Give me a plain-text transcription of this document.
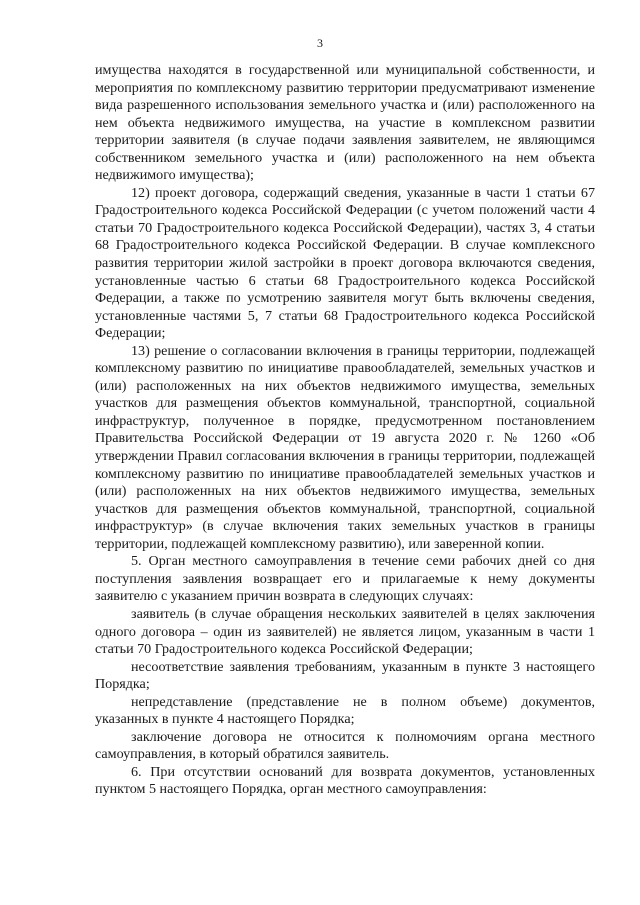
3

имущества находятся в государственной или муниципальной собственности, и мероприятия по комплексному развитию территории предусматривают изменение вида разрешенного использования земельного участка и (или) расположенного на нем объекта недвижимого имущества, на участие в комплексном развитии территории заявителя (в случае подачи заявления заявителем, не являющимся собственником земельного участка и (или) расположенного на нем объекта недвижимого имущества);

12) проект договора, содержащий сведения, указанные в части 1 статьи 67 Градостроительного кодекса Российской Федерации (с учетом положений части 4 статьи 70 Градостроительного кодекса Российской Федерации), частях 3, 4 статьи 68 Градостроительного кодекса Российской Федерации. В случае комплексного развития территории жилой застройки в проект договора включаются сведения, установленные частью 6 статьи 68 Градостроительного кодекса Российской Федерации, а также по усмотрению заявителя могут быть включены сведения, установленные частями 5, 7 статьи 68 Градостроительного кодекса Российской Федерации;

13) решение о согласовании включения в границы территории, подлежащей комплексному развитию по инициативе правообладателей, земельных участков и (или) расположенных на них объектов недвижимого имущества, земельных участков для размещения объектов коммунальной, транспортной, социальной инфраструктур, полученное в порядке, предусмотренном постановлением Правительства Российской Федерации от 19 августа 2020 г. № 1260 «Об утверждении Правил согласования включения в границы территории, подлежащей комплексному развитию по инициативе правообладателей земельных участков и (или) расположенных на них объектов недвижимого имущества, земельных участков для размещения объектов коммунальной, транспортной, социальной инфраструктур» (в случае включения таких земельных участков в границы территории, подлежащей комплексному развитию), или заверенной копии.

5. Орган местного самоуправления в течение семи рабочих дней со дня поступления заявления возвращает его и прилагаемые к нему документы заявителю с указанием причин возврата в следующих случаях:

заявитель (в случае обращения нескольких заявителей в целях заключения одного договора – один из заявителей) не является лицом, указанным в части 1 статьи 70 Градостроительного кодекса Российской Федерации;

несоответствие заявления требованиям, указанным в пункте 3 настоящего Порядка;

непредставление (представление не в полном объеме) документов, указанных в пункте 4 настоящего Порядка;

заключение договора не относится к полномочиям органа местного самоуправления, в который обратился заявитель.

6. При отсутствии оснований для возврата документов, установленных пунктом 5 настоящего Порядка, орган местного самоуправления:
